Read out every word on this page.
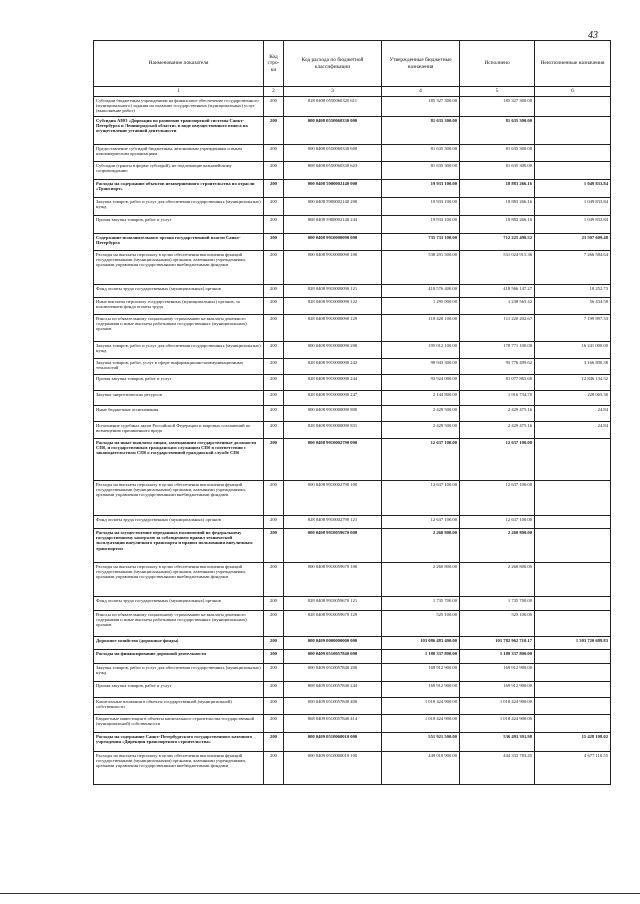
43
Наименование показателя	Код стро-ки	Код расхода по бюджетной классификации	Утвержденные бюджетные назначения	Исполнено	Неисполненные назначения
1	2	3	4	5	6
Субсидии бюджетным учреждениям на финансовое обеспечение государственного (муниципального) задания на оказание государственных (муниципальных) услуг (выполнение работ)	200	828 0408 0550060320 611	185 327 300.00	185 327 300.00	
Субсидия АНО «Дирекция по развитию транспортной системы Санкт-Петербурга и Ленинградской области» в виде имущественного взноса на осуществление уставной деятельности	200	000 0408 0550060330 000	81 635 300.00	81 635 300.00	
Предоставление субсидий бюджетным, автономным учреждениям и иным некоммерческим организациям	200	000 0408 0550060330 600	81 635 300.00	81 635 300.00	
Субсидии (гранты в форме субсидий), не подлежащие казначейскому сопровождению	200	868 0408 0550060330 623	81 635 300.00	81 635 300.00	
Расходы на содержание объектов незавершенного строительства по отрасли «Транспорт»	200	000 0408 5900002140 000	19 933 100.00	18 883 266.16	1 049 833.84
Закупка товаров, работ и услуг для обеспечения государственных (муниципальных) нужд	200	000 0408 5900002140 200	19 933 100.00	18 883 266.16	1 049 833.84
Прочая закупка товаров, работ и услуг	200	868 0408 5900002140 244	19 933 100.00	18 883 266.16	1 049 833.84
Содержание исполнительного органа государственной власти Санкт-Петербурга	200	000 0408 9910000090 000	735 733 100.00	712 225 490.52	23 507 609.48
Расходы на выплаты персоналу в целях обеспечения выполнения функций государственными (муниципальными) органами, казенными учреждениями, органами управления государственными внебюджетными фондами	200	000 0408 9910000090 100	538 291 500.00	531 024 915.36	7 266 584.64
Фонд оплаты труда государственных (муниципальных) органов	200	828 0408 9910000090 121	418 576 400.00	418 566 147.27	10 252.73
Иные выплаты персоналу государственных (муниципальных) органов, за исключением фонда оплаты труда	200	828 0408 9910000090 122	1 295 000.00	1 238 565.42	56 434.58
Взносы по обязательному социальному страхованию на выплаты денежного содержания и иные выплаты работникам государственных (муниципальных) органов	200	828 0408 9910000090 129	118 420 100.00	111 220 202.67	7 199 897.33
Закупка товаров, работ и услуг для обеспечения государственных (муниципальных) нужд	200	000 0408 9910000090 200	195 012 100.00	178 771 100.00	16 241 000.00
Закупка товаров, работ, услуг в сфере информационно-коммуникационных технологий	200	828 0408 9910000090 242	98 943 300.00	95 776 499.62	3 166 800.38
Прочая закупка товаров, работ и услуг	200	828 0408 9910000090 244	93 924 000.00	81 077 865.68	12 846 134.32
Закупка энергетических ресурсов	200	828 0408 9910000090 247	2 144 800.00	1 916 734.70	228 065.30
Иные бюджетные ассигнования	200	000 0408 9910000090 800	2 429 500.00	2 429 475.16	24.84
Исполнение судебных актов Российской Федерации и мировых соглашений по возмещению причиненного вреда	200	828 0408 9910000090 831	2 429 500.00	2 429 475.16	24.84
Расходы на иные выплаты лицам, замещавшим государственные должности СПб, и государственным гражданским служащим СПб в соответствии с законодательством СПб о государственной гражданской службе СПб	200	000 0408 9910002790 000	12 637 100.00	12 637 100.00	
Расходы на выплаты персоналу в целях обеспечения выполнения функций государственными (муниципальными) органами, казенными учреждениями, органами управления государственными внебюджетными фондами	200	000 0408 9910002790 100	12 637 100.00	12 637 100.00	
Фонд оплаты труда государственных (муниципальных) органов	200	828 0408 9910002790 121	12 637 100.00	12 637 100.00	
Расходы на осуществление переданных полномочий по федеральному государственному контролю за соблюдением правил технической эксплуатации внеуличного транспорта и правил пользования внеуличным транспортом	200	000 0408 9910059670 000	2 260 800.00	2 260 800.00	
Расходы на выплаты персоналу в целях обеспечения выполнения функций государственными (муниципальными) органами, казенными учреждениями, органами управления государственными внебюджетными фондами	200	000 0408 9910059670 100	2 260 800.00	2 260 800.00	
Фонд оплаты труда государственных (муниципальных) органов	200	828 0408 9910059670 121	1 735 700.00	1 735 700.00	
Взносы по обязательному социальному страхованию на выплаты денежного содержания и иные выплаты работникам государственных (муниципальных) органов	200	828 0408 9910059670 129	525 100.00	525 100.00	
Дорожное хозяйство (дорожные фонды)	200	000 0409 0000000000 000	103 086 483 400.00	101 782 962 710.17	1 303 720 689.83
Расходы на финансирование дорожной деятельности	200	000 0409 0510057840 000	1 188 337 800.00	1 188 337 800.00	
Закупка товаров, работ и услуг для обеспечения государственных (муниципальных) нужд	200	000 0409 0510057840 200	169 912 900.00	169 912 900.00	
Прочая закупка товаров, работ и услуг	200	868 0409 0510057840 244	169 912 900.00	169 912 900.00	
Капитальные вложения в объекты государственной (муниципальной) собственности	200	000 0409 0510057840 400	1 018 424 900.00	1 018 424 900.00	
Бюджетные инвестиции в объекты капитального строительства государственной (муниципальной) собственности	200	868 0409 0510057840 414	1 018 424 900.00	1 018 424 900.00	
Расходы на содержание Санкт-Петербургского государственного казенного учреждения «Дирекция транспортного строительства»	200	000 0409 0510060010 000	551 921 500.00	536 493 391.98	15 428 108.02
Расходы на выплаты персоналу в целях обеспечения выполнения функций государственными (муниципальными) органами, казенными учреждениями, органами управления государственными внебюджетными фондами	200	000 0409 0510060010 100	449 010 900.00	444 333 783.45	4 677 116.55
